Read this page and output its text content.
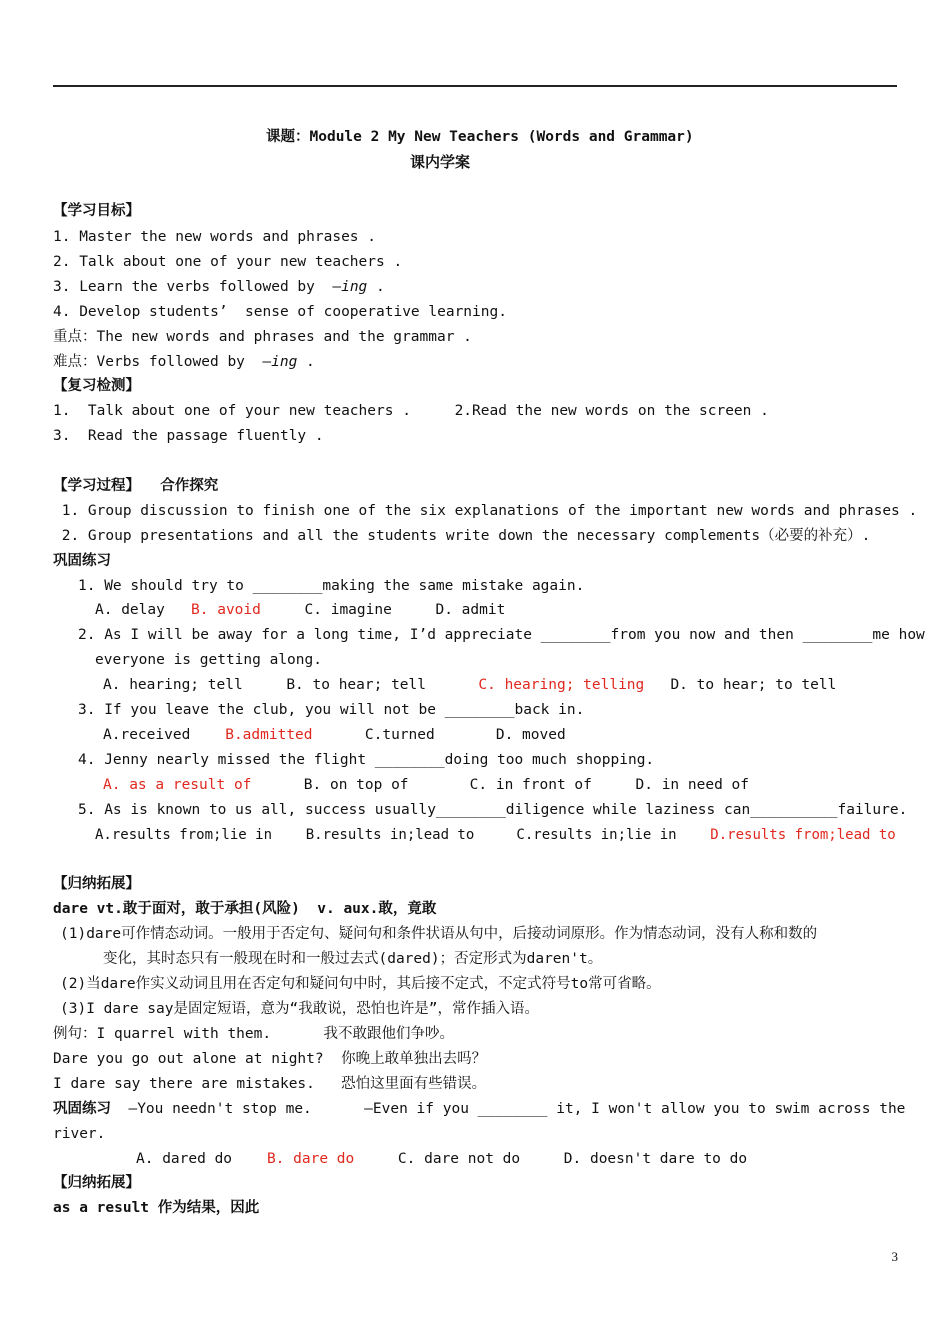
课题：Module 2 My New Teachers (Words and Grammar)
课内学案
【学习目标】
1. Master the new words and phrases .
2. Talk about one of your new teachers .
3. Learn the verbs followed by  –ing .
4. Develop students’  sense of cooperative learning.
重点：The new words and phrases and the grammar .
难点：Verbs followed by  –ing .
【复习检测】
1.  Talk about one of your new teachers .     2.Read the new words on the screen .
3.  Read the passage fluently .
【学习过程】    合作探究
1. Group discussion to finish one of the six explanations of the important new words and phrases .
2. Group presentations and all the students write down the necessary complements（必要的补充）.
巩固练习
1. We should try to ________making the same mistake again.
A. delay   B. avoid     C. imagine     D. admit
2. As I will be away for a long time, I’d appreciate ________from you now and then ________me how
everyone is getting along.
A. hearing; tell     B. to hear; tell      C. hearing; telling   D. to hear; to tell
3. If you leave the club, you will not be ________back in.
A.received    B.admitted      C.turned       D. moved
4. Jenny nearly missed the flight ________doing too much shopping.
A. as a result of      B. on top of       C. in front of     D. in need of
5. As is known to us all, success usually________diligence while laziness can__________failure.
A.results from;lie in    B.results in;lead to     C.results in;lie in    D.results from;lead to
【归纳拓展】
dare vt.敢于面对，敢于承担(风险)  v. aux.敢，竟敢
(1)dare可作情态动词。一般用于否定句、疑问句和条件状语从句中，后接动词原形。作为情态动词，没有人称和数的
变化，其时态只有一般现在时和一般过去式(dared)；否定形式为daren't。
(2)当dare作实义动词且用在否定句和疑问句中时，其后接不定式，不定式符号to常可省略。
(3)I dare say是固定短语，意为“我敢说，恐怕也许是”，常作插入语。
例句：I quarrel with them.      我不敢跟他们争吵。
Dare you go out alone at night?  你晚上敢单独出去吗？
I dare say there are mistakes.   恐怕这里面有些错误。
巩固练习  —You needn't stop me.      —Even if you ________ it, I won't allow you to swim across the
river.
A. dared do    B. dare do     C. dare not do     D. doesn't dare to do
【归纳拓展】
as a result 作为结果，因此
3
